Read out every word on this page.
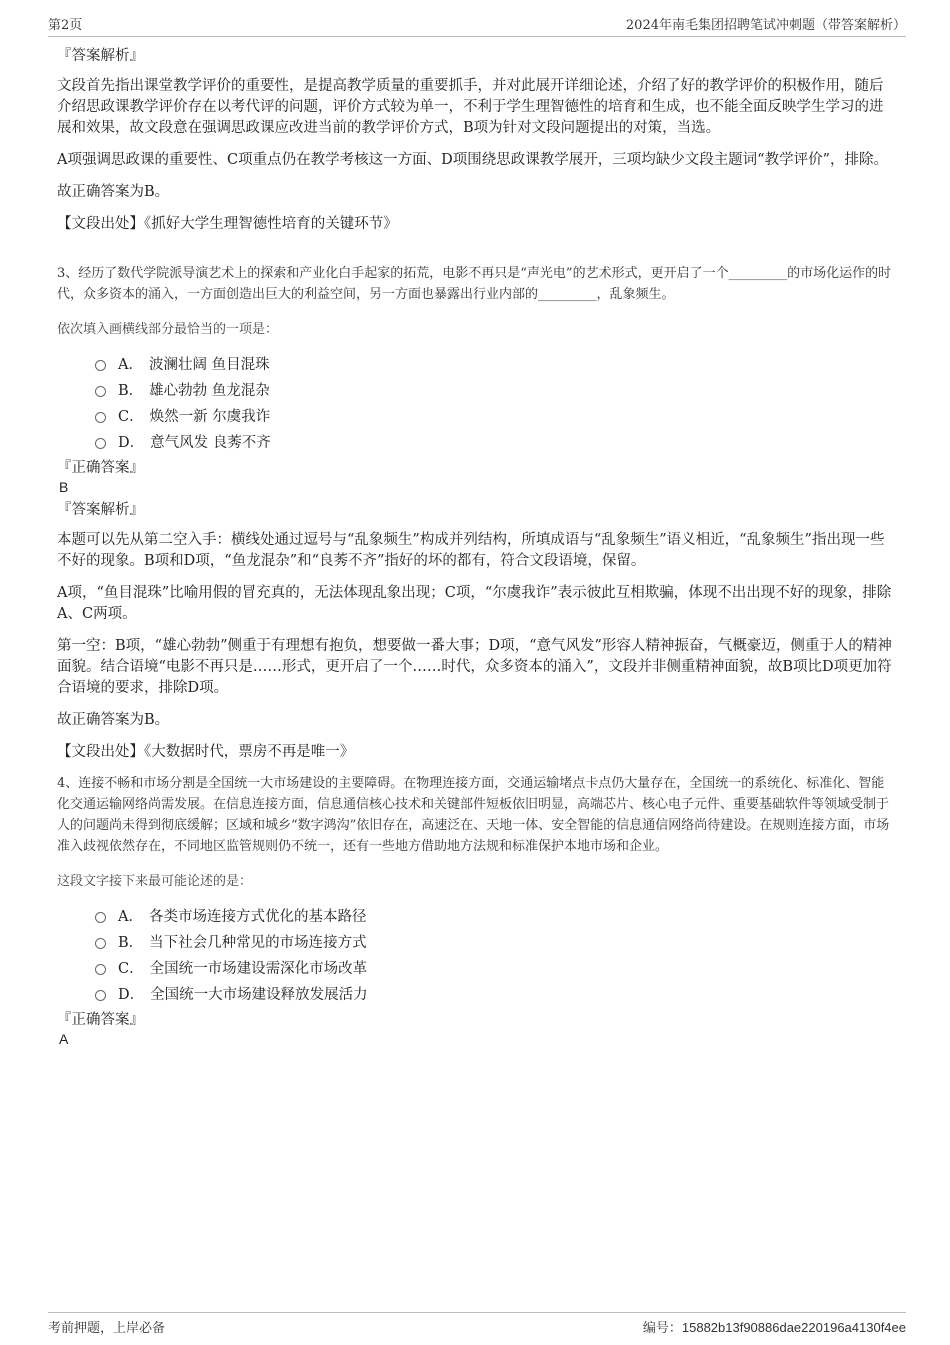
第2页	2024年南毛集团招聘笔试冲刺题（带答案解析）

『答案解析』

文段首先指出课堂教学评价的重要性，是提高教学质量的重要抓手，并对此展开详细论述，介绍了好的教学评价的积极作用，随后介绍思政课教学评价存在以考代评的问题，评价方式较为单一，不利于学生理智德性的培育和生成，也不能全面反映学生学习的进展和效果，故文段意在强调思政课应改进当前的教学评价方式，B项为针对文段问题提出的对策，当选。

A项强调思政课的重要性、C项重点仍在教学考核这一方面、D项围绕思政课教学展开，三项均缺少文段主题词“教学评价”，排除。

故正确答案为B。

【文段出处】《抓好大学生理智德性培育的关键环节》

3、经历了数代学院派导演艺术上的探索和产业化白手起家的拓荒，电影不再只是“声光电”的艺术形式，更开启了一个_________的市场化运作的时代，众多资本的涌入，一方面创造出巨大的利益空间，另一方面也暴露出行业内部的_________，乱象频生。

依次填入画横线部分最恰当的一项是：

A． 波澜壮阔 鱼目混珠
B． 雄心勃勃 鱼龙混杂
C． 焕然一新 尔虞我诈
D． 意气风发 良莠不齐

『正确答案』

B

『答案解析』

本题可以先从第二空入手：横线处通过逗号与“乱象频生”构成并列结构，所填成语与“乱象频生”语义相近，“乱象频生”指出现一些不好的现象。B项和D项，“鱼龙混杂”和“良莠不齐”指好的坏的都有，符合文段语境，保留。

A项，“鱼目混珠”比喻用假的冒充真的，无法体现乱象出现；C项，“尔虞我诈”表示彼此互相欺骗，体现不出出现不好的现象，排除A、C两项。

第一空：B项，“雄心勃勃”侧重于有理想有抱负，想要做一番大事；D项，“意气风发”形容人精神振奋，气概豪迈，侧重于人的精神面貌。结合语境“电影不再只是……形式，更开启了一个……时代，众多资本的涌入”，文段并非侧重精神面貌，故B项比D项更加符合语境的要求，排除D项。

故正确答案为B。

【文段出处】《大数据时代，票房不再是唯一》

4、连接不畅和市场分割是全国统一大市场建设的主要障碍。在物理连接方面，交通运输堵点卡点仍大量存在，全国统一的系统化、标准化、智能化交通运输网络尚需发展。在信息连接方面，信息通信核心技术和关键部件短板依旧明显，高端芯片、核心电子元件、重要基础软件等领域受制于人的问题尚未得到彻底缓解；区域和城乡“数字鸿沟”依旧存在，高速泛在、天地一体、安全智能的信息通信网络尚待建设。在规则连接方面，市场准入歧视依然存在，不同地区监管规则仍不统一，还有一些地方借助地方法规和标准保护本地市场和企业。

这段文字接下来最可能论述的是：

A． 各类市场连接方式优化的基本路径
B． 当下社会几种常见的市场连接方式
C． 全国统一市场建设需深化市场改革
D． 全国统一大市场建设释放发展活力

『正确答案』

A

考前押题，上岸必备	编号：15882b13f90886dae220196a4130f4ee
